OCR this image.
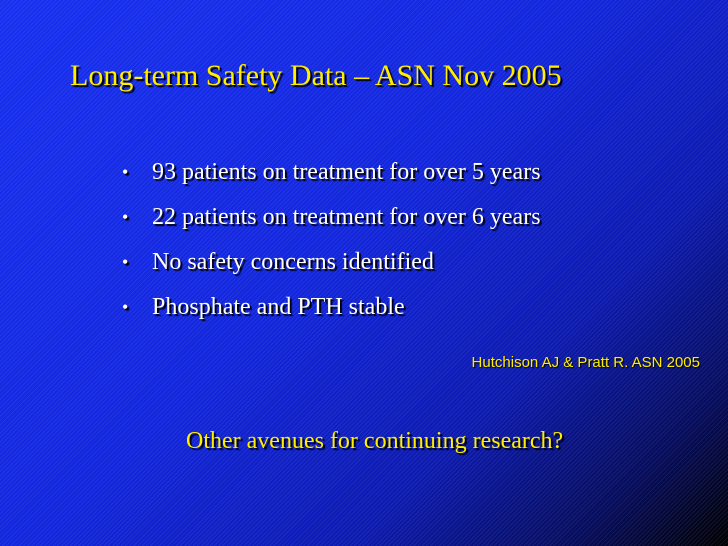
Long-term Safety Data – ASN Nov 2005
• 93 patients on treatment for over 5 years
• 22 patients on treatment for over 6 years
• No safety concerns identified
• Phosphate and PTH stable
Hutchison AJ & Pratt R. ASN 2005
Other avenues for continuing research?
